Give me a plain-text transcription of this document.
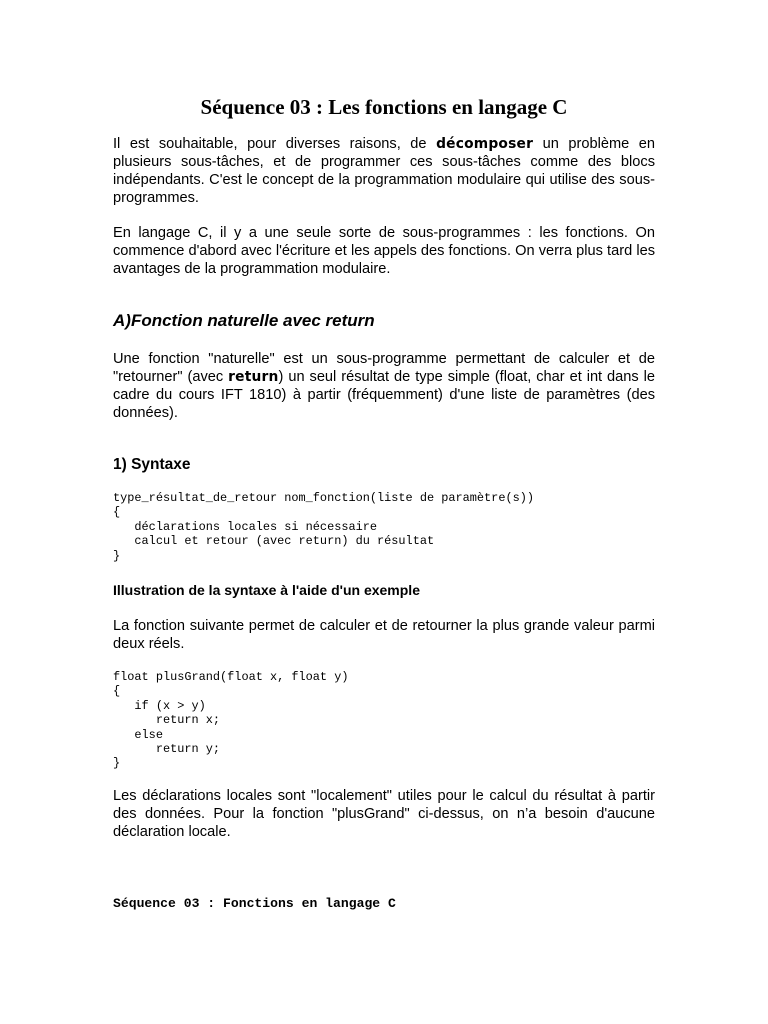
Séquence 03 : Les fonctions en langage C

Il est souhaitable, pour diverses raisons, de décomposer un problème en plusieurs sous-tâches, et de programmer ces sous-tâches comme des blocs indépendants. C'est le concept de la programmation modulaire qui utilise des sous-programmes.

En langage C, il y a une seule sorte de sous-programmes : les fonctions. On commence d'abord avec l'écriture et les appels des fonctions. On verra plus tard les avantages de la programmation modulaire.

A)Fonction naturelle avec return

Une fonction "naturelle" est un sous-programme permettant de calculer et de "retourner" (avec return) un seul résultat de type simple (float, char et int dans le cadre du cours IFT 1810) à partir (fréquemment) d'une liste de paramètres (des données).

1) Syntaxe
type_résultat_de_retour nom_fonction(liste de paramètre(s))
{
déclarations locales si nécessaire
calcul et retour (avec return) du résultat
}
Illustration de la syntaxe à l'aide d'un exemple

La fonction suivante permet de calculer et de retourner la plus grande valeur parmi deux réels.

float plusGrand(float x, float y)
{
if (x > y)
return x;
else
return y;
}

Les déclarations locales sont "localement" utiles pour le calcul du résultat à partir des données. Pour la fonction "plusGrand" ci-dessus, on n’a besoin d'aucune déclaration locale.

Séquence 03 : Fonctions en langage C
